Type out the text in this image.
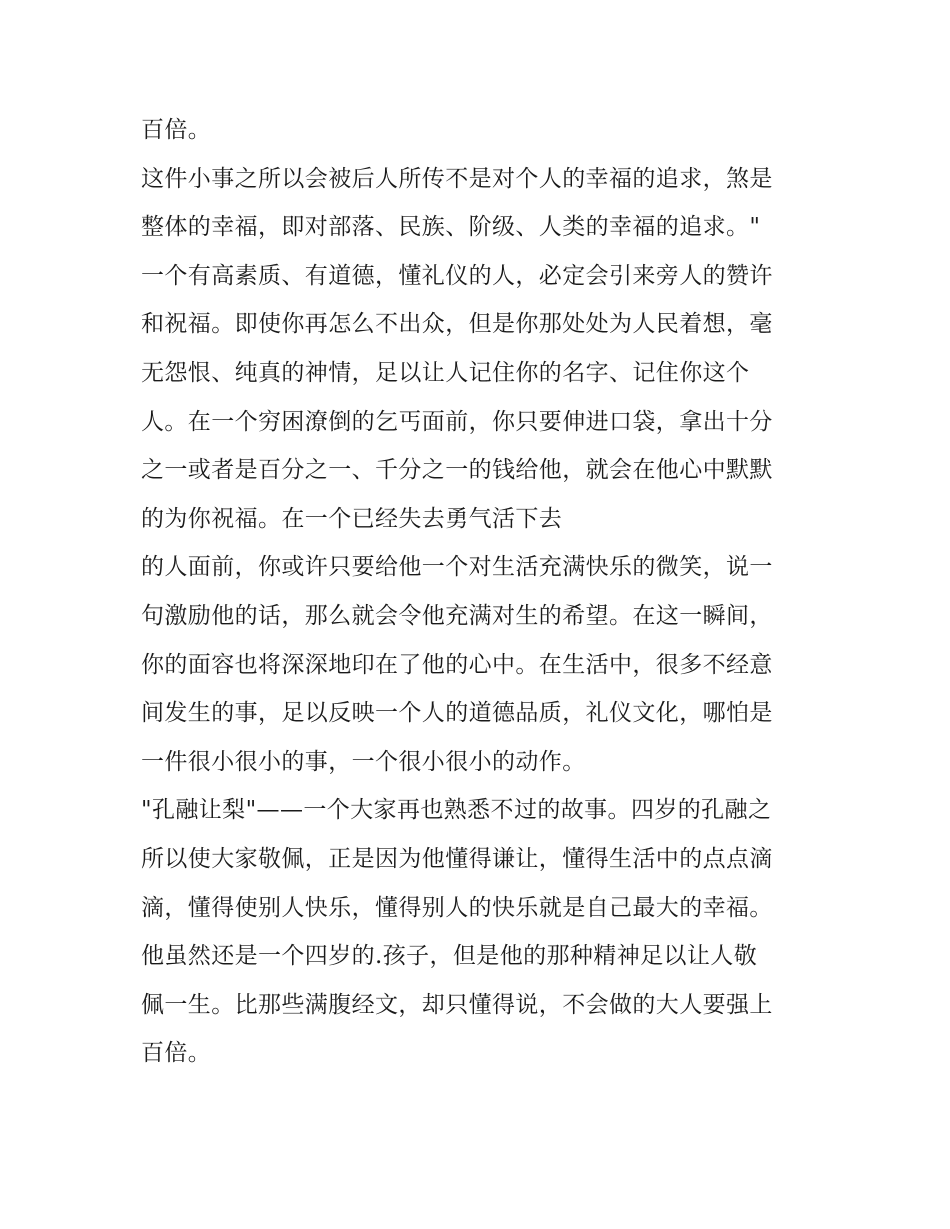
百倍。
这件小事之所以会被后人所传不是对个人的幸福的追求，煞是
整体的幸福，即对部落、民族、阶级、人类的幸福的追求。"
一个有高素质、有道德，懂礼仪的人，必定会引来旁人的赞许
和祝福。即使你再怎么不出众，但是你那处处为人民着想，毫
无怨恨、纯真的神情，足以让人记住你的名字、记住你这个
人。在一个穷困潦倒的乞丐面前，你只要伸进口袋，拿出十分
之一或者是百分之一、千分之一的钱给他，就会在他心中默默
的为你祝福。在一个已经失去勇气活下去
的人面前，你或许只要给他一个对生活充满快乐的微笑，说一
句激励他的话，那么就会令他充满对生的希望。在这一瞬间，
你的面容也将深深地印在了他的心中。在生活中，很多不经意
间发生的事，足以反映一个人的道德品质，礼仪文化，哪怕是
一件很小很小的事，一个很小很小的动作。
"孔融让梨"——一个大家再也熟悉不过的故事。四岁的孔融之
所以使大家敬佩，正是因为他懂得谦让，懂得生活中的点点滴
滴，懂得使别人快乐，懂得别人的快乐就是自己最大的幸福。
他虽然还是一个四岁的.孩子，但是他的那种精神足以让人敬
佩一生。比那些满腹经文，却只懂得说，不会做的大人要强上
百倍。
